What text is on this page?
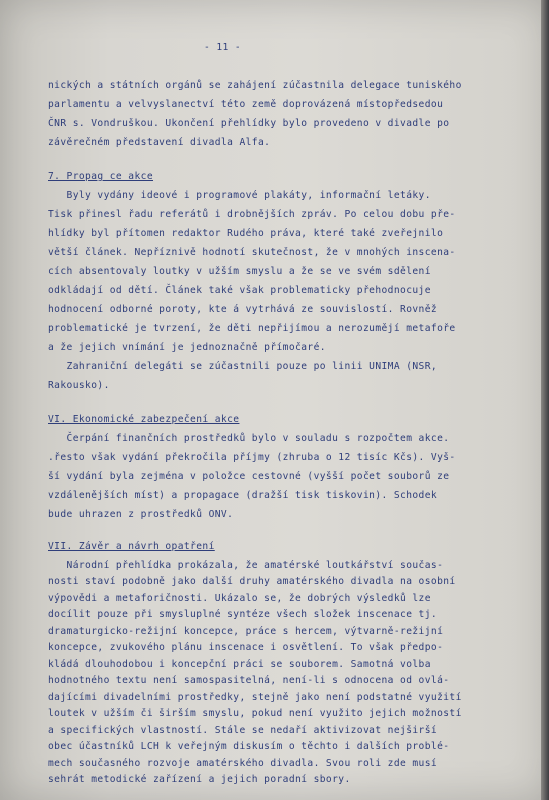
- 11 -
nických a státních orgánů se zahájení zúčastnila delegace tuniského
parlamentu a velvyslanectví této země doprovázená místopředsedou
ČNR s. Vondruškou. Ukončení přehlídky bylo provedeno v divadle po
závěrečném představení divadla Alfa.
7. Propag ce akce
Byly vydány ideové i programové plakáty, informační letáky.
Tisk přinesl řadu referátů i drobnějších zpráv. Po celou dobu pře-
hlídky byl přítomen redaktor Rudého práva, které také zveřejnilo
větší článek. Nepříznivě hodnotí skutečnost, že v mnohých inscena-
cích absentovaly loutky v užším smyslu a že se ve svém sdělení
odkládají od dětí. Článek také však problematicky přehodnocuje
hodnocení odborné poroty, kte á vytrhává ze souvislostí. Rovněž
problematické je tvrzení, že děti nepřijímou a nerozumějí metafoře
a že jejich vnímání je jednoznačně přímočaré.
Zahraniční delegáti se zúčastnili pouze po linii UNIMA (NSR,
Rakousko).
VI. Ekonomické zabezpečení akce
Čerpání finančních prostředků bylo v souladu s rozpočtem akce.
.řesto však vydání překročila příjmy (zhruba o 12 tisíc Kčs). Vyš-
ší vydání byla zejména v položce cestovné (vyšší počet souborů ze
vzdálenějších míst) a propagace (dražší tisk tiskovin). Schodek
bude uhrazen z prostředků ONV.
VII. Závěr a návrh opatření
Národní přehlídka prokázala, že amatérské loutkářství součas-
nosti staví podobně jako další druhy amatérského divadla na osobní
výpovědi a metaforičnosti. Ukázalo se, že dobrých výsledků lze
docílit pouze při smysluplné syntéze všech složek inscenace tj.
dramaturgicko-režijní koncepce, práce s hercem, výtvarně-režijní
koncepce, zvukového plánu inscenace i osvětlení. To však předpo-
kládá dlouhodobou i koncepční práci se souborem. Samotná volba
hodnotného textu není samospasitelná, není-li s odnocena od ovlá-
dajícími divadelními prostředky, stejně jako není podstatné využití
loutek v užším či širším smyslu, pokud není využito jejich možností
a specifických vlastností. Stále se nedaří aktivizovat nejširší
obec účastníků LCH k veřejným diskusím o těchto i dalších problé-
mech současného rozvoje amatérského divadla. Svou roli zde musí
sehrát metodické zařízení a jejich poradní sbory.
